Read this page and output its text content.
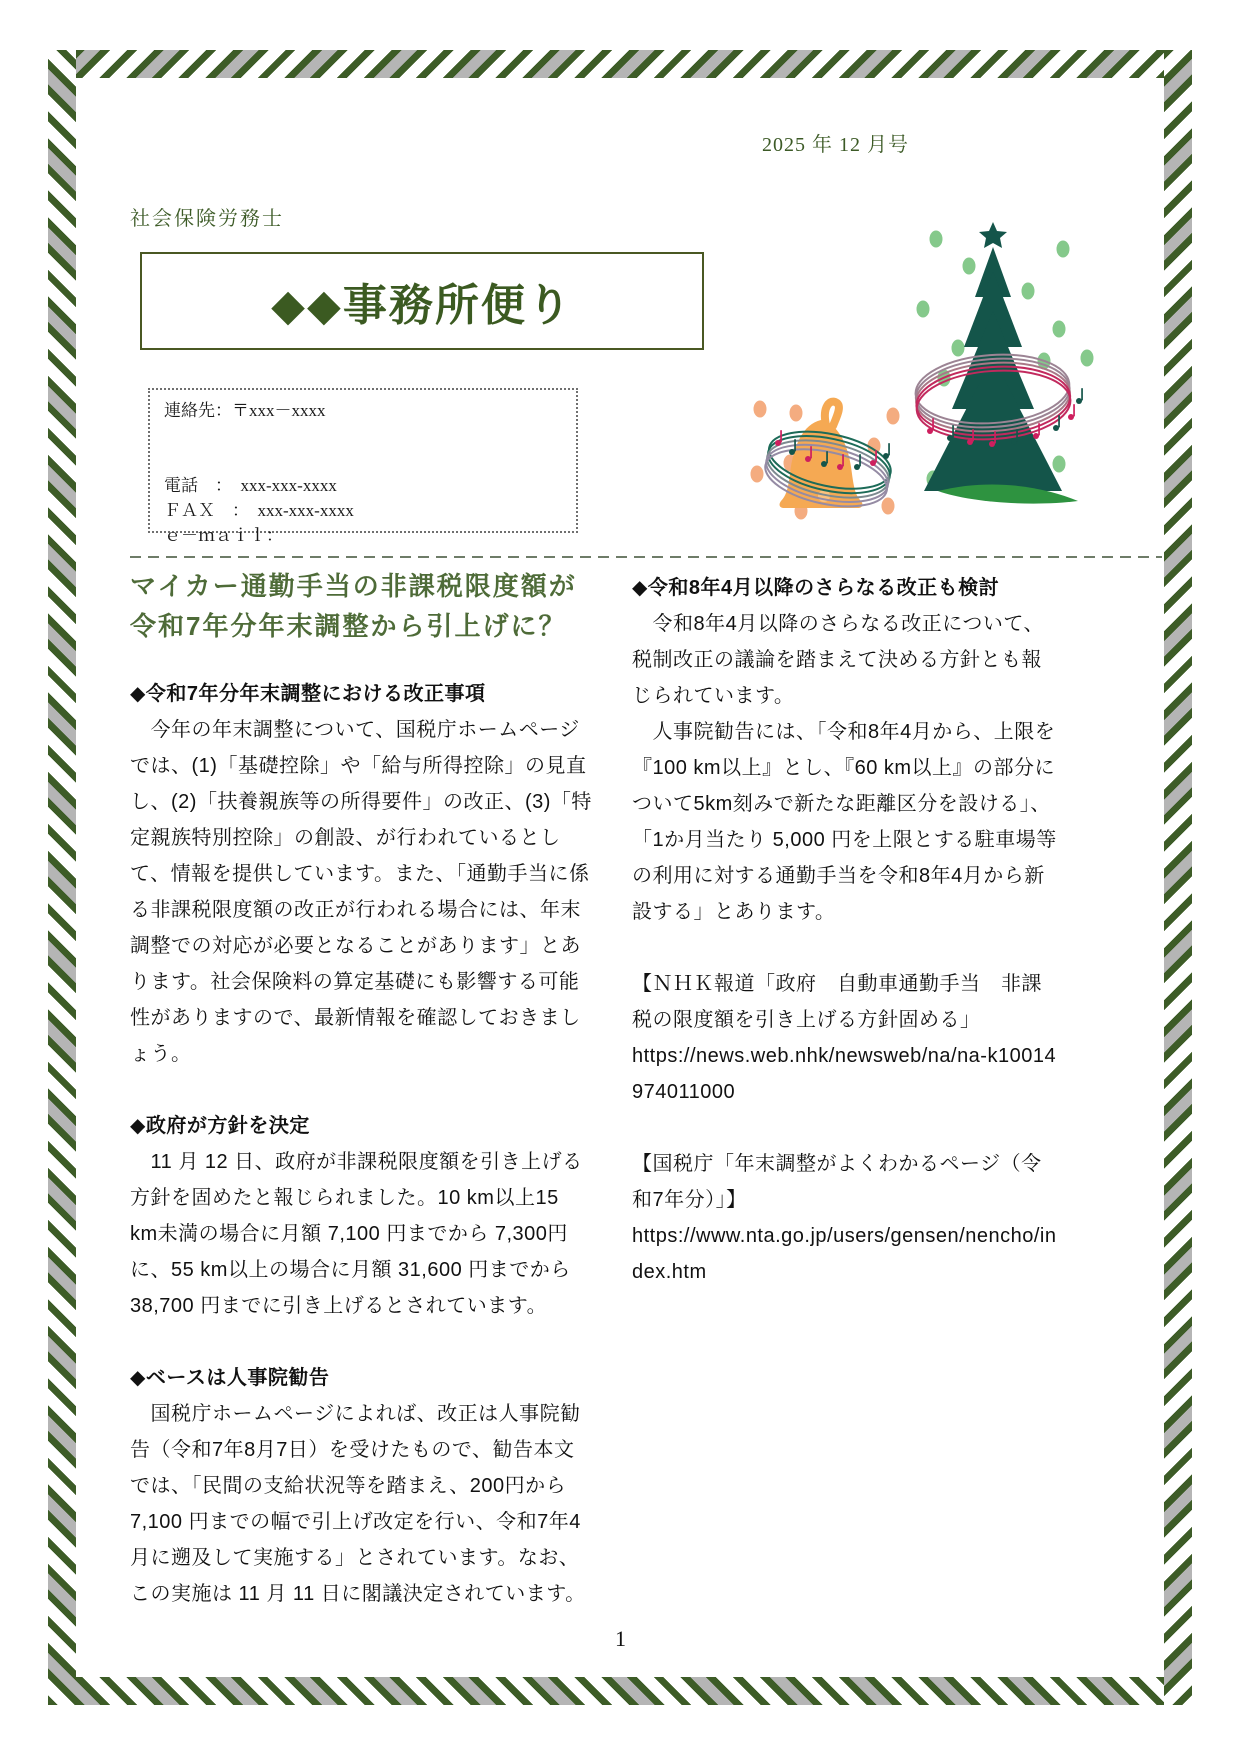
2025 年 12 月号
社会保険労務士
◆◆事務所便り

連絡先：〒xxx－xxxx

電話　：　xxx-xxx-xxxx

ＦＡＸ　：　xxx-xxx-xxxx

ｅ－ｍａｉｌ：

マイカー通勤手当の非課税限度額が
令和7年分年末調整から引上げに？

◆令和7年分年末調整における改正事項

　今年の年末調整について、国税庁ホームページでは、(1)「基礎控除」や「給与所得控除」の見直し、(2)「扶養親族等の所得要件」の改正、(3)「特定親族特別控除」の創設、が行われているとして、情報を提供しています。また、「通勤手当に係る非課税限度額の改正が行われる場合には、年末調整での対応が必要となることがあります」とあります。社会保険料の算定基礎にも影響する可能性がありますので、最新情報を確認しておきましょう。

◆政府が方針を決定

　11 月 12 日、政府が非課税限度額を引き上げる方針を固めたと報じられました。10 km以上15 km未満の場合に月額 7,100 円までから 7,300円に、55 km以上の場合に月額 31,600 円までから 38,700 円までに引き上げるとされています。

◆ベースは人事院勧告

　国税庁ホームページによれば、改正は人事院勧告（令和7年8月7日）を受けたもので、勧告本文では、「民間の支給状況等を踏まえ、200円から 7,100 円までの幅で引上げ改定を行い、令和7年4月に遡及して実施する」とされています。なお、この実施は 11 月 11 日に閣議決定されています。

◆令和8年4月以降のさらなる改正も検討

　令和8年4月以降のさらなる改正について、税制改正の議論を踏まえて決める方針とも報じられています。

　人事院勧告には、「令和8年4月から、上限を『100 km以上』とし、『60 km以上』の部分について5km刻みで新たな距離区分を設ける」、「1か月当たり 5,000 円を上限とする駐車場等の利用に対する通勤手当を令和8年4月から新設する」とあります。

【ＮＨＫ報道「政府　自動車通勤手当　非課税の限度額を引き上げる方針固める」

https://news.web.nhk/newsweb/na/na-k10014974011000

【国税庁「年末調整がよくわかるページ（令和7年分）」】

https://www.nta.go.jp/users/gensen/nencho/index.htm

1
